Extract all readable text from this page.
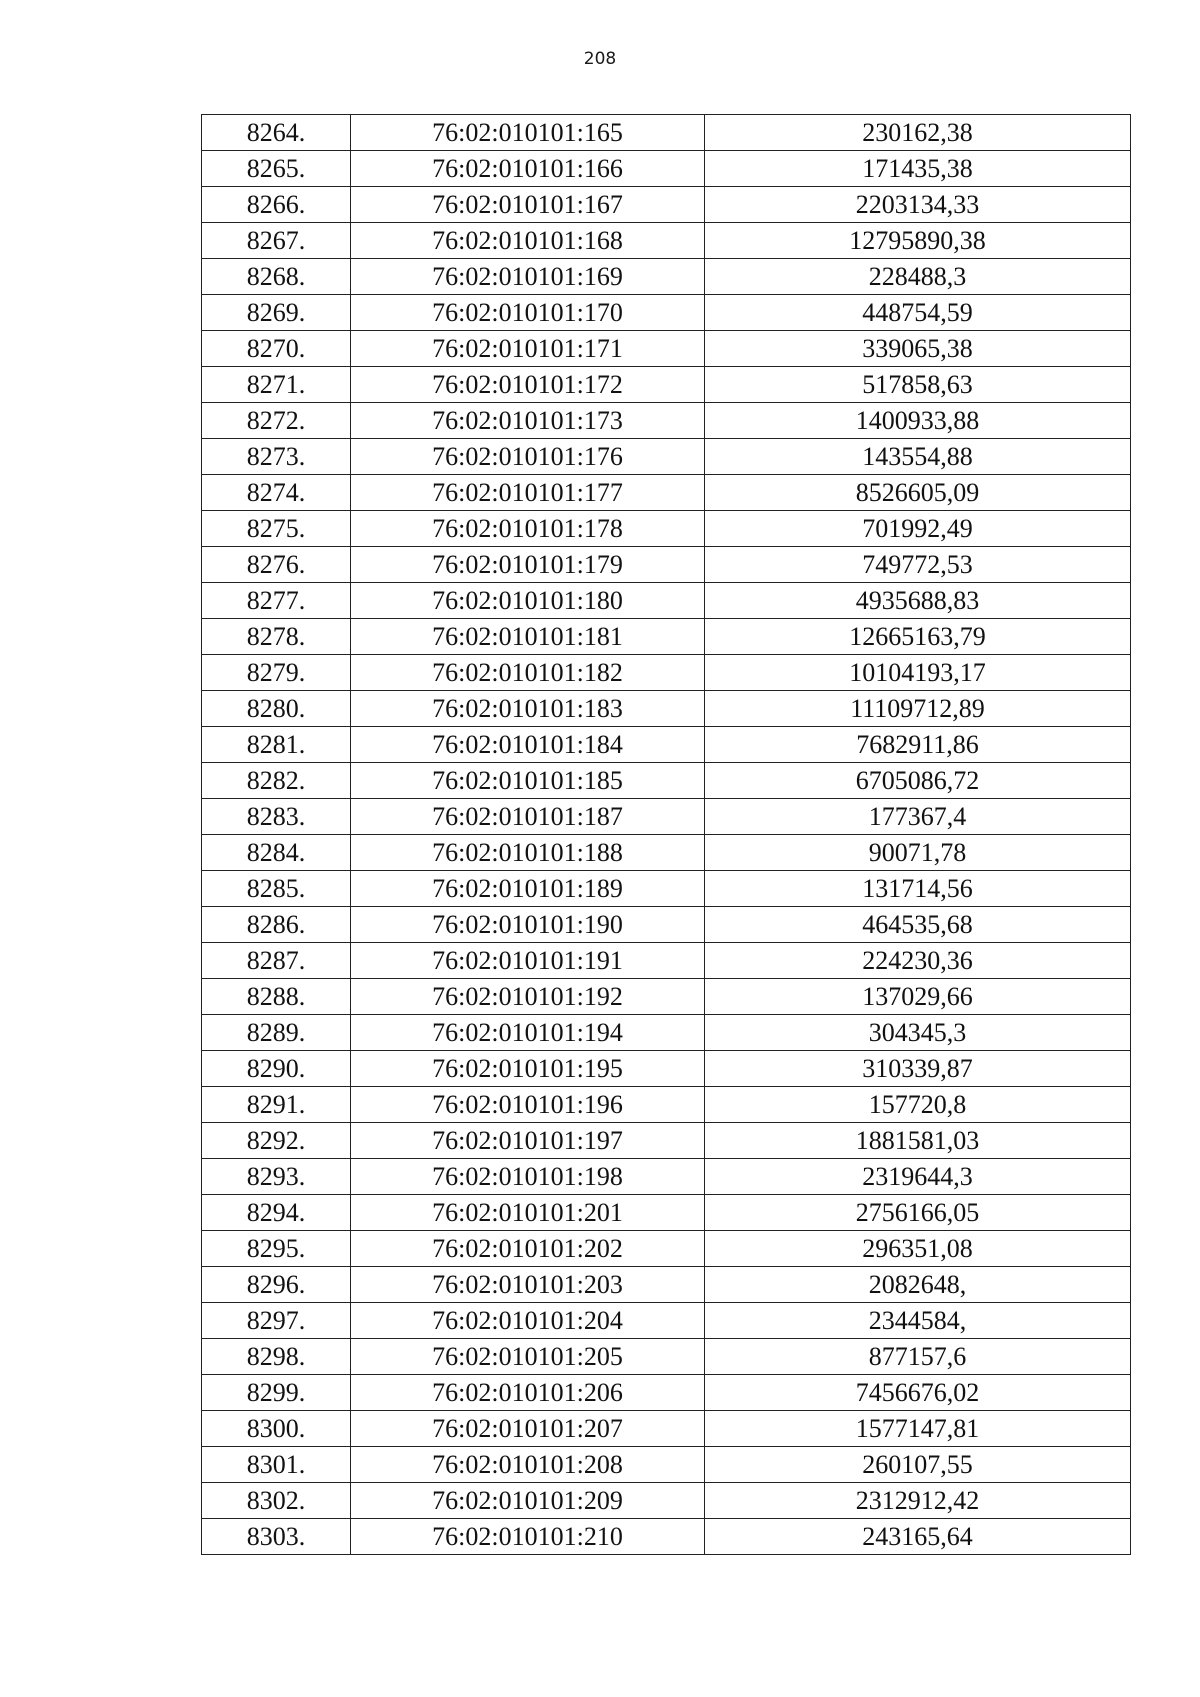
208
8264.	76:02:010101:165	230162,38
8265.	76:02:010101:166	171435,38
8266.	76:02:010101:167	2203134,33
8267.	76:02:010101:168	12795890,38
8268.	76:02:010101:169	228488,3
8269.	76:02:010101:170	448754,59
8270.	76:02:010101:171	339065,38
8271.	76:02:010101:172	517858,63
8272.	76:02:010101:173	1400933,88
8273.	76:02:010101:176	143554,88
8274.	76:02:010101:177	8526605,09
8275.	76:02:010101:178	701992,49
8276.	76:02:010101:179	749772,53
8277.	76:02:010101:180	4935688,83
8278.	76:02:010101:181	12665163,79
8279.	76:02:010101:182	10104193,17
8280.	76:02:010101:183	11109712,89
8281.	76:02:010101:184	7682911,86
8282.	76:02:010101:185	6705086,72
8283.	76:02:010101:187	177367,4
8284.	76:02:010101:188	90071,78
8285.	76:02:010101:189	131714,56
8286.	76:02:010101:190	464535,68
8287.	76:02:010101:191	224230,36
8288.	76:02:010101:192	137029,66
8289.	76:02:010101:194	304345,3
8290.	76:02:010101:195	310339,87
8291.	76:02:010101:196	157720,8
8292.	76:02:010101:197	1881581,03
8293.	76:02:010101:198	2319644,3
8294.	76:02:010101:201	2756166,05
8295.	76:02:010101:202	296351,08
8296.	76:02:010101:203	2082648,
8297.	76:02:010101:204	2344584,
8298.	76:02:010101:205	877157,6
8299.	76:02:010101:206	7456676,02
8300.	76:02:010101:207	1577147,81
8301.	76:02:010101:208	260107,55
8302.	76:02:010101:209	2312912,42
8303.	76:02:010101:210	243165,64
